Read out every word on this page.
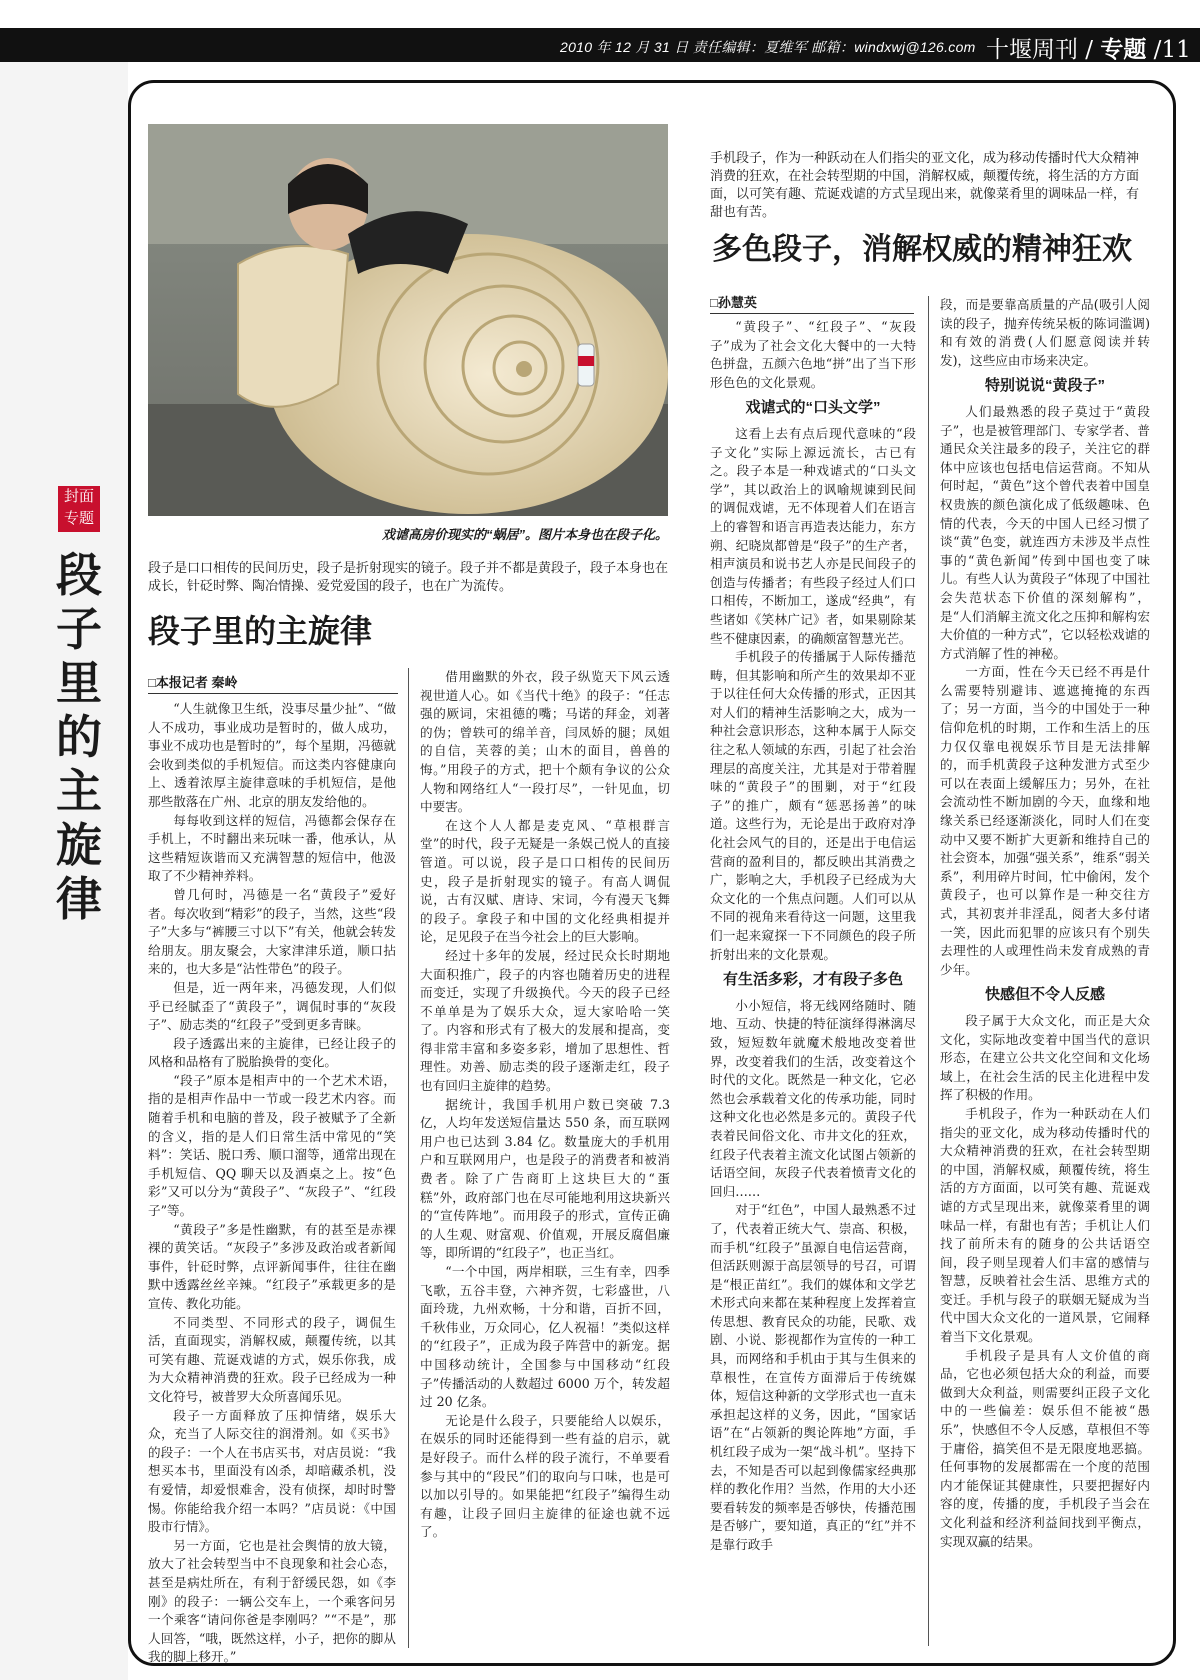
2010 年 12 月 31 日 责任编辑：夏维军 邮箱：windxwj@126.com 十堰周刊 / 专题 /11
封面
专题
段子里的主旋律
戏谑高房价现实的“蜗居”。图片本身也在段子化。
段子是口口相传的民间历史，段子是折射现实的镜子。段子并不都是黄段子，段子本身也在成长，针砭时弊、陶冶情操、爱党爱国的段子，也在广为流传。
段子里的主旋律
□本报记者 秦岭

“人生就像卫生纸，没事尽量少扯”、“做人不成功，事业成功是暂时的，做人成功，事业不成功也是暂时的”，每个星期，冯德就会收到类似的手机短信。而这类内容健康向上、透着浓厚主旋律意味的手机短信，是他那些散落在广州、北京的朋友发给他的。

每每收到这样的短信，冯德都会保存在手机上，不时翻出来玩味一番，他承认，从这些精短诙谐而又充满智慧的短信中，他汲取了不少精神养料。

曾几何时，冯德是一名“黄段子”爱好者。每次收到“精彩”的段子，当然，这些“段子”大多与“裤腰三寸以下”有关，他就会转发给朋友。朋友聚会，大家津津乐道，顺口拈来的，也大多是“沾性带色”的段子。

但是，近一两年来，冯德发现，人们似乎已经腻歪了“黄段子”，调侃时事的“灰段子”、励志类的“红段子”受到更多青睐。

段子透露出来的主旋律，已经让段子的风格和品格有了脱胎换骨的变化。

“段子”原本是相声中的一个艺术术语，指的是相声作品中一节或一段艺术内容。而随着手机和电脑的普及，段子被赋予了全新的含义，指的是人们日常生活中常见的“笑料”：笑话、脱口秀、顺口溜等，通常出现在手机短信、QQ 聊天以及酒桌之上。按“色彩”又可以分为“黄段子”、“灰段子”、“红段子”等。

“黄段子”多是性幽默，有的甚至是赤裸裸的黄笑话。“灰段子”多涉及政治或者新闻事件，针砭时弊，点评新闻事件，往往在幽默中透露丝丝辛辣。“红段子”承载更多的是宣传、教化功能。

不同类型、不同形式的段子，调侃生活，直面现实，消解权威，颠覆传统，以其可笑有趣、荒诞戏谑的方式，娱乐你我，成为大众精神消费的狂欢。段子已经成为一种文化符号，被普罗大众所喜闻乐见。

段子一方面释放了压抑情绪，娱乐大众，充当了人际交往的润滑剂。如《买书》的段子：一个人在书店买书，对店员说：“我想买本书，里面没有凶杀，却暗藏杀机，没有爱情，却爱恨难舍，没有侦探，却时时警惕。你能给我介绍一本吗？”店员说：《中国股市行情》。

另一方面，它也是社会舆情的放大镜，放大了社会转型当中不良现象和社会心态，甚至是病灶所在，有利于舒缓民怨，如《李刚》的段子：一辆公交车上，一个乘客问另一个乘客“请问你爸是李刚吗？”“不是”，那人回答，“哦，既然这样，小子，把你的脚从我的脚上移开。”

借用幽默的外衣，段子纵览天下风云透视世道人心。如《当代十绝》的段子：“任志强的厥词，宋祖德的嘴；马诺的拜金，刘著的伪；曾轶可的绵羊音，闫凤娇的腿；凤姐的自信，芙蓉的美；山木的面目，兽兽的悔。”用段子的方式，把十个颇有争议的公众人物和网络红人“一段打尽”，一针见血，切中要害。

在这个人人都是麦克风、“草根群言堂”的时代，段子无疑是一条娱己悦人的直接管道。可以说，段子是口口相传的民间历史，段子是折射现实的镜子。有高人调侃说，古有汉赋、唐诗、宋词，今有漫天飞舞的段子。拿段子和中国的文化经典相提并论，足见段子在当今社会上的巨大影响。

经过十多年的发展，经过民众长时期地大面积推广，段子的内容也随着历史的进程而变迁，实现了升级换代。今天的段子已经不单单是为了娱乐大众，逗大家哈哈一笑了。内容和形式有了极大的发展和提高，变得非常丰富和多姿多彩，增加了思想性、哲理性。劝善、励志类的段子逐渐走红，段子也有回归主旋律的趋势。

据统计，我国手机用户数已突破 7.3 亿，人均年发送短信量达 550 条，而互联网用户也已达到 3.84 亿。数量庞大的手机用户和互联网用户，也是段子的消费者和被消费者。除了广告商盯上这块巨大的“蛋糕”外，政府部门也在尽可能地利用这块新兴的“宣传阵地”。而用段子的形式，宣传正确的人生观、财富观、价值观，开展反腐倡廉等，即所谓的“红段子”，也正当红。

“一个中国，两岸相联，三生有幸，四季飞歌，五谷丰登，六神齐贺，七彩盛世，八面玲珑，九州欢畅，十分和谐，百折不回，千秋伟业，万众同心，亿人祝福！”类似这样的“红段子”，正成为段子阵营中的新宠。据中国移动统计，全国参与中国移动“红段子”传播活动的人数超过 6000 万个，转发超过 20 亿条。

无论是什么段子，只要能给人以娱乐，在娱乐的同时还能得到一些有益的启示，就是好段子。而什么样的段子流行，不单要看参与其中的“段民”们的取向与口味，也是可以加以引导的。如果能把“红段子”编得生动有趣，让段子回归主旋律的征途也就不远了。

手机段子，作为一种跃动在人们指尖的亚文化，成为移动传播时代大众精神消费的狂欢，在社会转型期的中国，消解权威，颠覆传统，将生活的方方面面，以可笑有趣、荒诞戏谑的方式呈现出来，就像菜肴里的调味品一样，有甜也有苦。
多色段子，消解权威的精神狂欢
□孙慧英

“黄段子”、“红段子”、“灰段子”成为了社会文化大餐中的一大特色拼盘，五颜六色地“拼”出了当下形形色色的文化景观。

戏谑式的“口头文学”

这看上去有点后现代意味的“段子文化”实际上源远流长，古已有之。段子本是一种戏谑式的“口头文学”，其以政治上的讽喻规谏到民间的调侃戏谑，无不体现着人们在语言上的睿智和语言再造表达能力，东方朔、纪晓岚都曾是“段子”的生产者，相声演员和说书艺人亦是民间段子的创造与传播者；有些段子经过人们口口相传，不断加工，遂成“经典”，有些诸如《笑林广记》者，如果剔除某些不健康因素，的确颇富智慧光芒。

手机段子的传播属于人际传播范畴，但其影响和所产生的效果却不亚于以往任何大众传播的形式，正因其对人们的精神生活影响之大，成为一种社会意识形态，这种本属于人际交往之私人领域的东西，引起了社会治理层的高度关注，尤其是对于带着腥味的“黄段子”的围剿，对于“红段子”的推广，颇有“惩恶扬善”的味道。这些行为，无论是出于政府对净化社会风气的目的，还是出于电信运营商的盈利目的，都反映出其消费之广，影响之大，手机段子已经成为大众文化的一个焦点问题。人们可以从不同的视角来看待这一问题，这里我们一起来窥探一下不同颜色的段子所折射出来的文化景观。

有生活多彩，才有段子多色

小小短信，将无线网络随时、随地、互动、快捷的特征演绎得淋漓尽致，短短数年就魔术般地改变着世界，改变着我们的生活，改变着这个时代的文化。既然是一种文化，它必然也会承载着文化的传承功能，同时这种文化也必然是多元的。黄段子代表着民间俗文化、市井文化的狂欢，红段子代表着主流文化试图占领新的话语空间，灰段子代表着愤青文化的回归……

对于“红色”，中国人最熟悉不过了，代表着正统大气、崇高、积极，而手机“红段子”虽源自电信运营商，但活跃则源于高层领导的号召，可谓是“根正苗红”。我们的媒体和文学艺术形式向来都在某种程度上发挥着宣传思想、教育民众的功能，民歌、戏剧、小说、影视都作为宣传的一种工具，而网络和手机由于其与生俱来的草根性，在宣传方面滞后于传统媒体，短信这种新的文学形式也一直未承担起这样的义务，因此，“国家话语”在“占领新的舆论阵地”方面，手机红段子成为一架“战斗机”。坚持下去，不知是否可以起到像儒家经典那样的教化作用？当然，作用的大小还要看转发的频率是否够快，传播范围是否够广，要知道，真正的“红”并不是靠行政手

段，而是要靠高质量的产品(吸引人阅读的段子，抛弃传统呆板的陈词滥调)和有效的消费(人们愿意阅读并转发)，这些应由市场来决定。

特别说说“黄段子”

人们最熟悉的段子莫过于“黄段子”，也是被管理部门、专家学者、普通民众关注最多的段子，关注它的群体中应该也包括电信运营商。不知从何时起，“黄色”这个曾代表着中国皇权贵族的颜色演化成了低级趣味、色情的代表，今天的中国人已经习惯了谈“黄”色变，就连西方未涉及半点性事的“黄色新闻”传到中国也变了味儿。有些人认为黄段子“体现了中国社会失范状态下价值的深刻解构”，是“人们消解主流文化之压抑和解构宏大价值的一种方式”，它以轻松戏谑的方式消解了性的神秘。

一方面，性在今天已经不再是什么需要特别避讳、遮遮掩掩的东西了；另一方面，当今的中国处于一种信仰危机的时期，工作和生活上的压力仅仅靠电视娱乐节目是无法排解的，而手机黄段子这种发泄方式至少可以在表面上缓解压力；另外，在社会流动性不断加剧的今天，血缘和地缘关系已经逐渐淡化，同时人们在变动中又要不断扩大更新和维持自己的社会资本，加强“强关系”，维系“弱关系”，利用碎片时间，忙中偷闲，发个黄段子，也可以算作是一种交往方式，其初衷并非淫乱，阅者大多付诸一笑，因此而犯罪的应该只有个别失去理性的人或理性尚未发育成熟的青少年。

快感但不令人反感

段子属于大众文化，而正是大众文化，实际地改变着中国当代的意识形态，在建立公共文化空间和文化场域上，在社会生活的民主化进程中发挥了积极的作用。

手机段子，作为一种跃动在人们指尖的亚文化，成为移动传播时代的大众精神消费的狂欢，在社会转型期的中国，消解权威，颠覆传统，将生活的方方面面，以可笑有趣、荒诞戏谑的方式呈现出来，就像菜肴里的调味品一样，有甜也有苦；手机让人们找了前所未有的随身的公共话语空间，段子则呈现着人们丰富的感情与智慧，反映着社会生活、思维方式的变迁。手机与段子的联姻无疑成为当代中国大众文化的一道风景，它闹释着当下文化景观。

手机段子是具有人文价值的商品，它也必须包括大众的利益，而要做到大众利益，则需要纠正段子文化中的一些偏差：娱乐但不能被“愚乐”，快感但不令人反感，草根但不等于庸俗，搞笑但不是无限度地恶搞。任何事物的发展都需在一个度的范围内才能保证其健康性，只要把握好内容的度，传播的度，手机段子当会在文化利益和经济利益间找到平衡点，实现双赢的结果。
